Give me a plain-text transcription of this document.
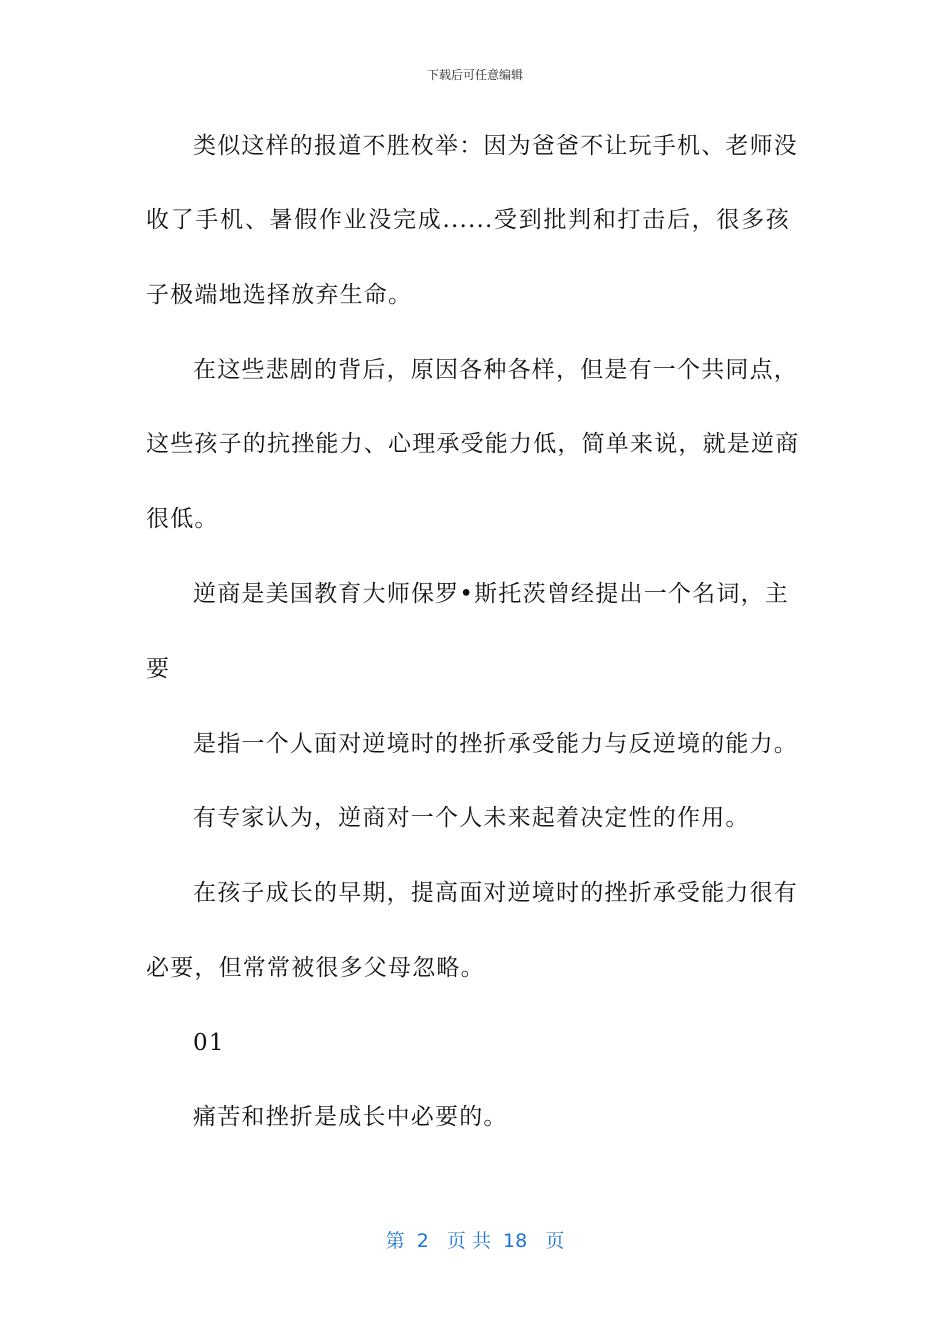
下载后可任意编辑
类似这样的报道不胜枚举：因为爸爸不让玩手机、老师没
收了手机、暑假作业没完成......受到批判和打击后，很多孩
子极端地选择放弃生命。
在这些悲剧的背后，原因各种各样，但是有一个共同点，
这些孩子的抗挫能力、心理承受能力低，简单来说，就是逆商
很低。
逆商是美国教育大师保罗•斯托茨曾经提出一个名词，主
要
是指一个人面对逆境时的挫折承受能力与反逆境的能力。
有专家认为，逆商对一个人未来起着决定性的作用。
在孩子成长的早期，提高面对逆境时的挫折承受能力很有
必要，但常常被很多父母忽略。
01
痛苦和挫折是成长中必要的。
第  2   页 共  18   页
